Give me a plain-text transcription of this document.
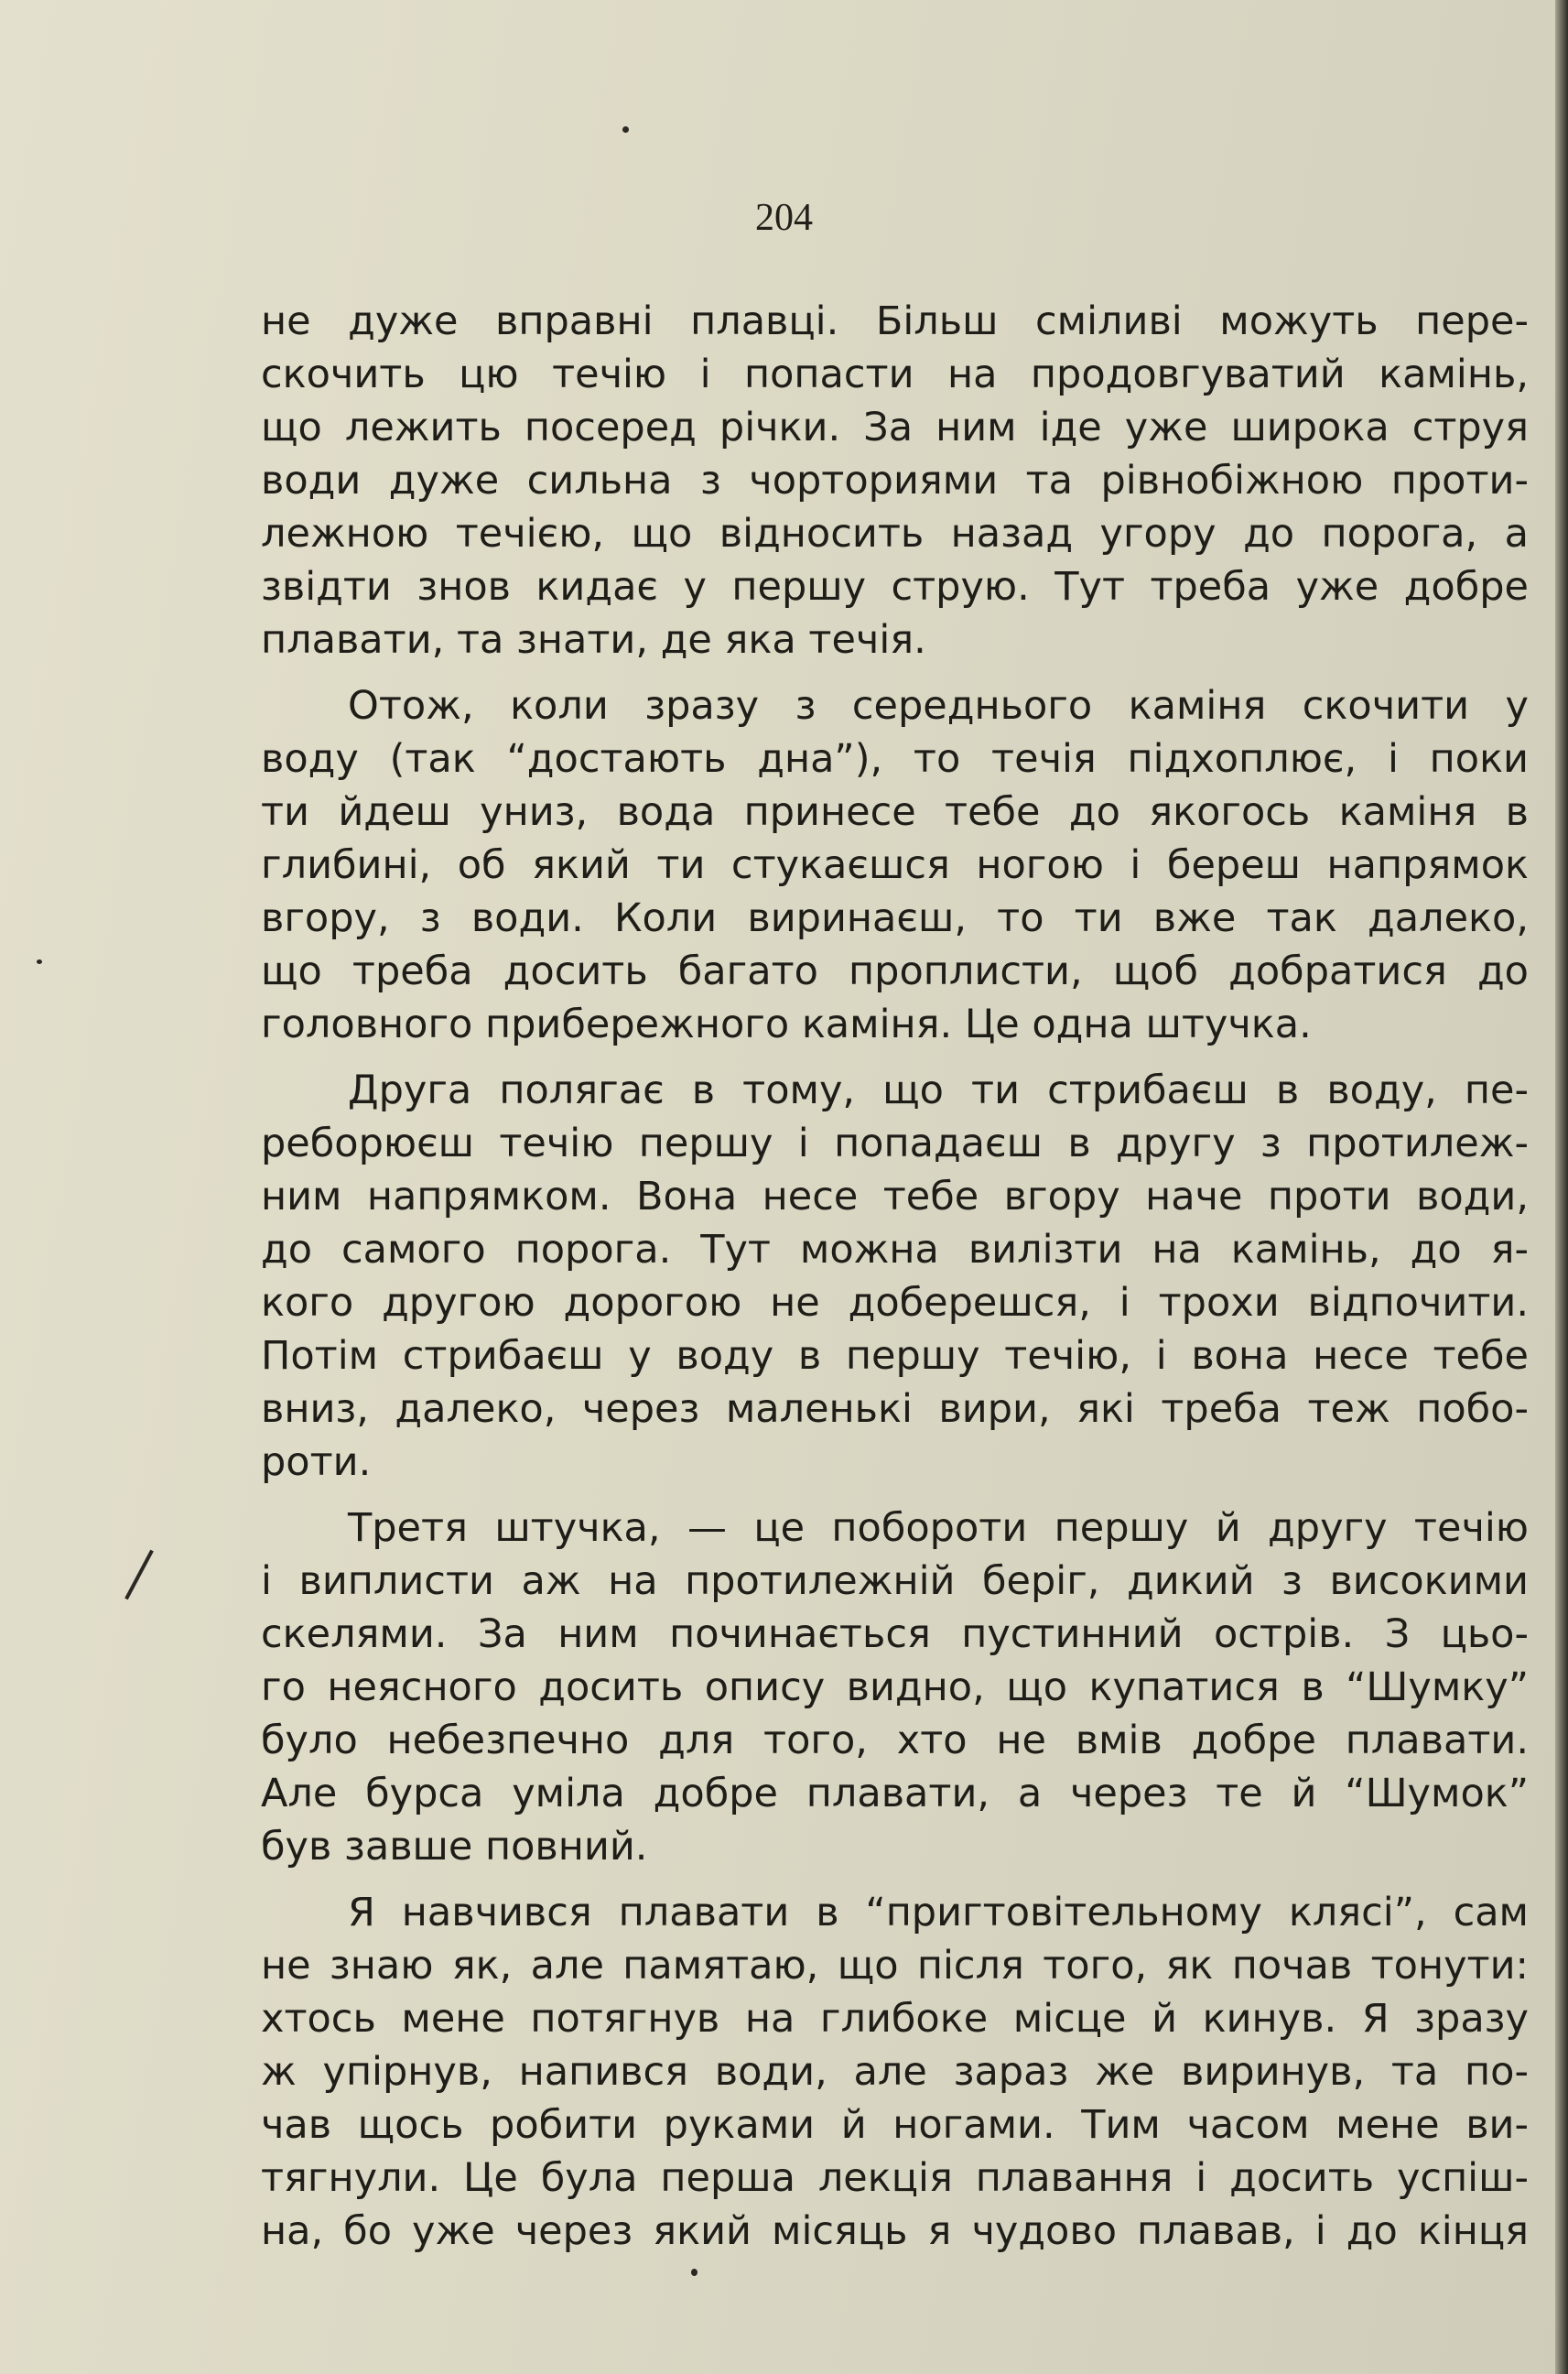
204
не дуже вправні плавці. Більш сміливі можуть пере-
скочить цю течію і попасти на продовгуватий камінь,
що лежить посеред річки. За ним іде уже широка струя
води дуже сильна з чорториями та рівнобіжною проти-
лежною течією, що відносить назад угору до порога, а
звідти знов кидає у першу струю. Тут треба уже добре
плавати, та знати, де яка течія.
Отож, коли зразу з середнього каміня скочити у
воду (так “достають дна”), то течія підхоплює, і поки
ти йдеш униз, вода принесе тебе до якогось каміня в
глибині, об який ти стукаєшся ногою і береш напрямок
вгору, з води. Коли виринаєш, то ти вже так далеко,
що треба досить багато проплисти, щоб добратися до
головного прибережного каміня. Це одна штучка.
Друга полягає в тому, що ти стрибаєш в воду, пе-
реборюєш течію першу і попадаєш в другу з протилеж-
ним напрямком. Вона несе тебе вгору наче проти води,
до самого порога. Тут можна вилізти на камінь, до я-
кого другою дорогою не доберешся, і трохи відпочити.
Потім стрибаєш у воду в першу течію, і вона несе тебе
вниз, далеко, через маленькі вири, які треба теж побо-
роти.
Третя штучка, — це побороти першу й другу течію
і виплисти аж на протилежній беріг, дикий з високими
скелями. За ним починається пустинний острів. З цьо-
го неясного досить опису видно, що купатися в “Шумку”
було небезпечно для того, хто не вмів добре плавати.
Але бурса уміла добре плавати, а через те й “Шумок”
був завше повний.
Я навчився плавати в “пригтовітельному клясі”, сам
не знаю як, але памятаю, що після того, як почав тонути:
хтось мене потягнув на глибоке місце й кинув. Я зразу
ж упірнув, напився води, але зараз же виринув, та по-
чав щось робити руками й ногами. Тим часом мене ви-
тягнули. Це була перша лекція плавання і досить успіш-
на, бо уже через який місяць я чудово плавав, і до кінця
